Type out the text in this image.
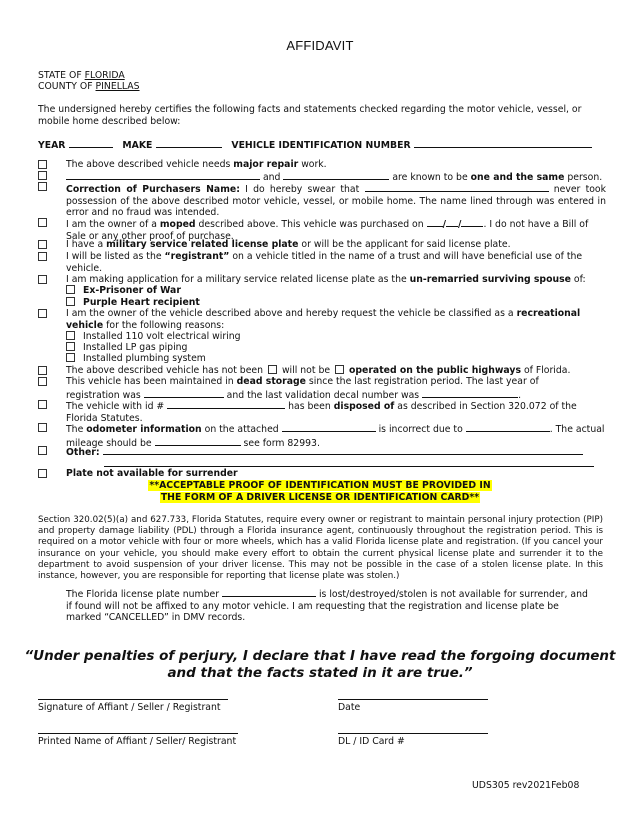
AFFIDAVIT
STATE OF FLORIDA
COUNTY OF PINELLAS
The undersigned hereby certifies the following facts and statements checked regarding the motor vehicle, vessel, or mobile home described below:
YEAR	MAKE	VEHICLE IDENTIFICATION NUMBER
The above described vehicle needs major repair work.
and	are known to be one and the same person.
Correction of Purchasers Name: I do hereby swear that	never took possession of the above described motor vehicle, vessel, or mobile home. The name lined through was entered in error and no fraud was intended.
I am the owner of a moped described above. This vehicle was purchased on / / . I do not have a Bill of Sale or any other proof of purchase.
I have a military service related license plate or will be the applicant for said license plate.
I will be listed as the “registrant” on a vehicle titled in the name of a trust and will have beneficial use of the vehicle.
I am making application for a military service related license plate as the un-remarried surviving spouse of:
Ex-Prisoner of War
Purple Heart recipient
I am the owner of the vehicle described above and hereby request the vehicle be classified as a recreational vehicle for the following reasons:
Installed 110 volt electrical wiring
Installed LP gas piping
Installed plumbing system
The above described vehicle has not been  will not be  operated on the public highways of Florida.
This vehicle has been maintained in dead storage since the last registration period. The last year of registration was	and the last validation decal number was	.
The vehicle with id #	has been disposed of as described in Section 320.072 of the Florida Statutes.
The odometer information on the attached	is incorrect due to	. The actual mileage should be	see form 82993.
Other:
Plate not available for surrender
**ACCEPTABLE PROOF OF IDENTIFICATION MUST BE PROVIDED IN
THE FORM OF A DRIVER LICENSE OR IDENTIFICATION CARD**
Section 320.02(5)(a) and 627.733, Florida Statutes, require every owner or registrant to maintain personal injury protection (PIP) and property damage liability (PDL) through a Florida insurance agent, continuously throughout the registration period. This is required on a motor vehicle with four or more wheels, which has a valid Florida license plate and registration. (If you cancel your insurance on your vehicle, you should make every effort to obtain the current physical license plate and surrender it to the department to avoid suspension of your driver license. This may not be possible in the case of a stolen license plate. In this instance, however, you are responsible for reporting that license plate was stolen.)
The Florida license plate number	is lost/destroyed/stolen is not available for surrender, and if found will not be affixed to any motor vehicle. I am requesting that the registration and license plate be marked “CANCELLED” in DMV records.
“Under penalties of perjury, I declare that I have read the forgoing document
and that the facts stated in it are true.”
Signature of Affiant / Seller / Registrant	Date
Printed Name of Affiant / Seller/ Registrant	DL / ID Card #
UDS305 rev2021Feb08
